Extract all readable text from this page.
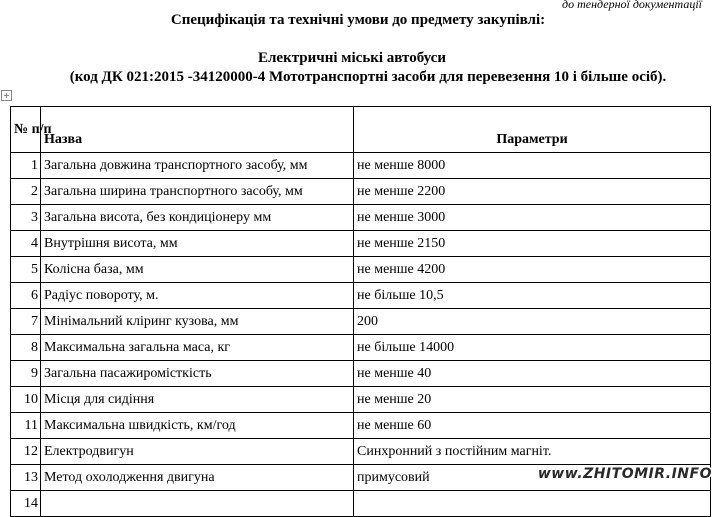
до тендерної документації
Специфікація та технічні умови до предмету закупівлі:
Електричні міські автобуси
(код ДК 021:2015 -34120000-4 Мототранспортні засоби для перевезення 10 і більше осіб).
+
№ п/п	Назва	Параметри
1	Загальна довжина транспортного засобу, мм	не менше 8000
2	Загальна ширина транспортного засобу, мм	не менше 2200
3	Загальна висота, без кондиціонеру мм	не менше 3000
4	Внутрішня висота, мм	не менше 2150
5	Колісна база, мм	не менше 4200
6	Радіус повороту, м.	не більше 10,5
7	Мінімальний кліринг кузова, мм	200
8	Максимальна загальна маса, кг	не більше 14000
9	Загальна пасажиромісткість	не менше 40
10	Місця для сидіння	не менше 20
11	Максимальна швидкість, км/год	не менше 60
12	Електродвигун	Синхронний з постійним магніт.
13	Метод охолодження двигуна	примусовий
14		
www.ZHITOMIR.INFO
